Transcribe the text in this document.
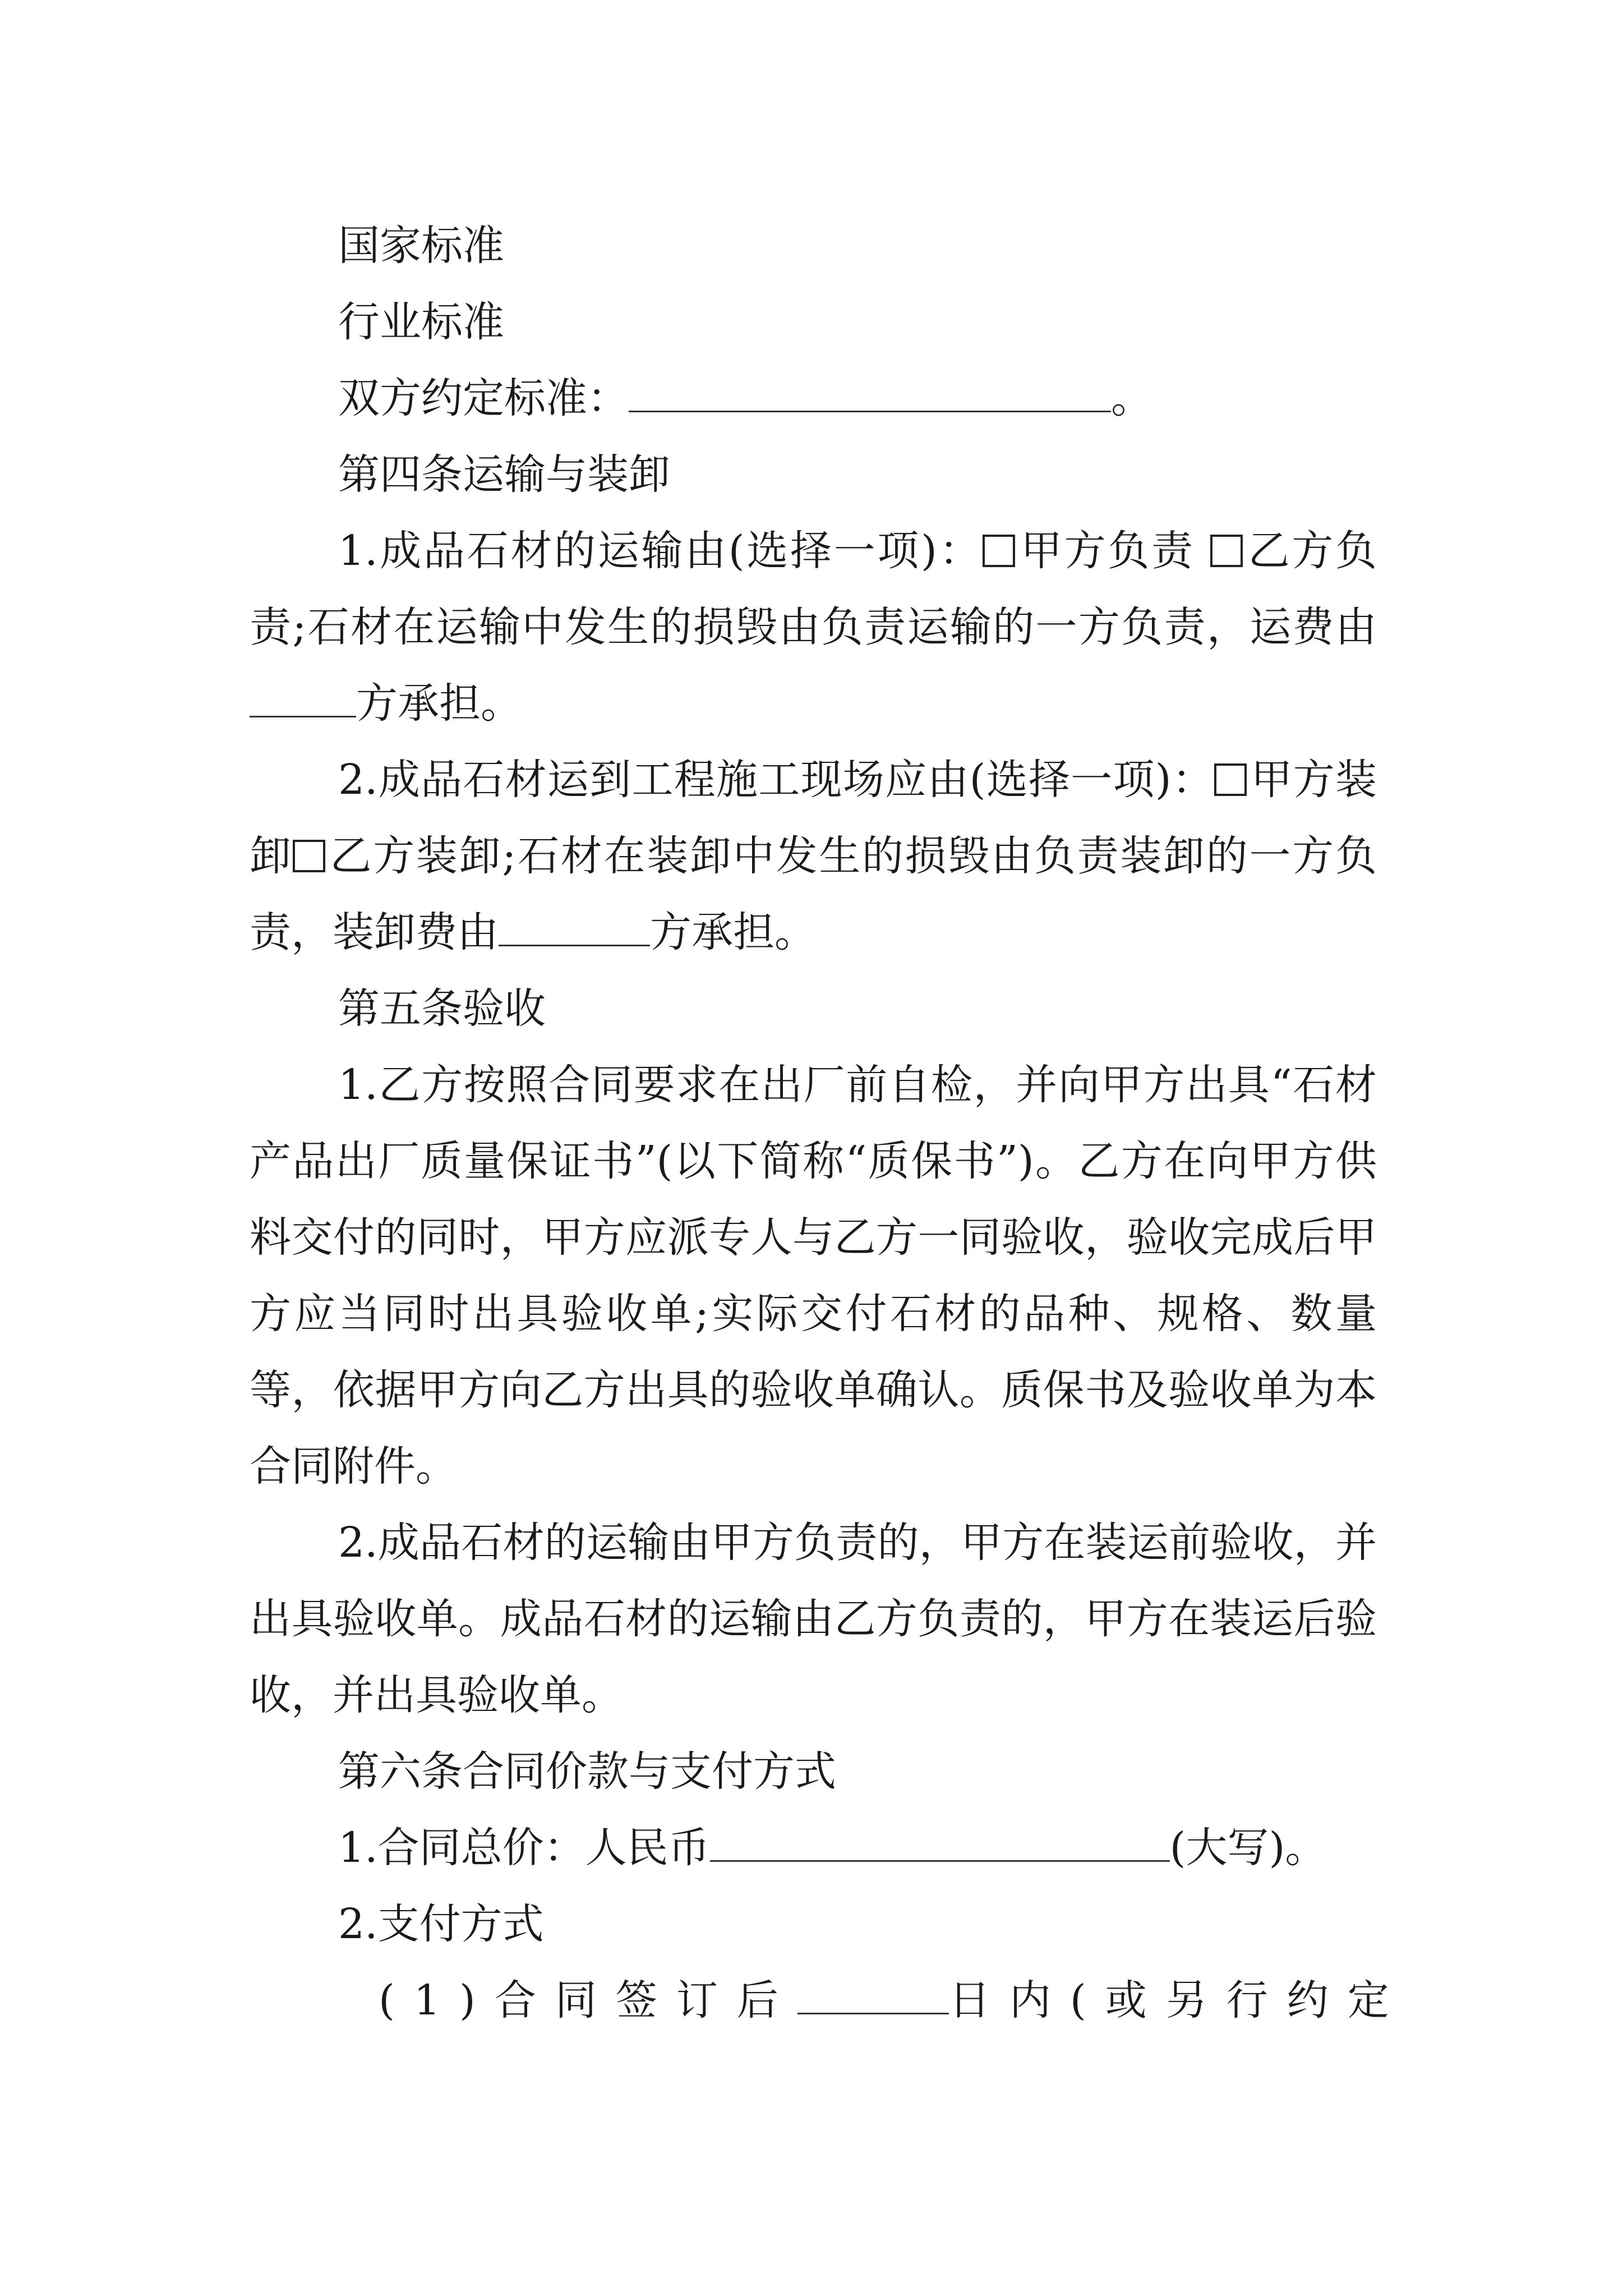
国家标准
行业标准
双方约定标准：	。
第四条运输与装卸

1.成品石材的运输由(选择一项)： 甲方负责 乙方负责;石材在运输中发生的损毁由负责运输的一方负责，运费由方承担。

2.成品石材运到工程施工现场应由(选择一项)： 甲方装卸 乙方装卸;石材在装卸中发生的损毁由负责装卸的一方负责，装卸费由	方承担。

第五条验收

1.乙方按照合同要求在出厂前自检，并向甲方出具“石材产品出厂质量保证书”(以下简称“质保书”)。乙方在向甲方供料交付的同时，甲方应派专人与乙方一同验收，验收完成后甲方应当同时出具验收单;实际交付石材的品种、规格、数量等，依据甲方向乙方出具的验收单确认。质保书及验收单为本合同附件。

2.成品石材的运输由甲方负责的，甲方在装运前验收，并出具验收单。成品石材的运输由乙方负责的，甲方在装运后验收，并出具验收单。

第六条合同价款与支付方式
1.合同总价：人民币	(大写)。
2.支付方式
(1)合同签订后	日内(或另行约定
